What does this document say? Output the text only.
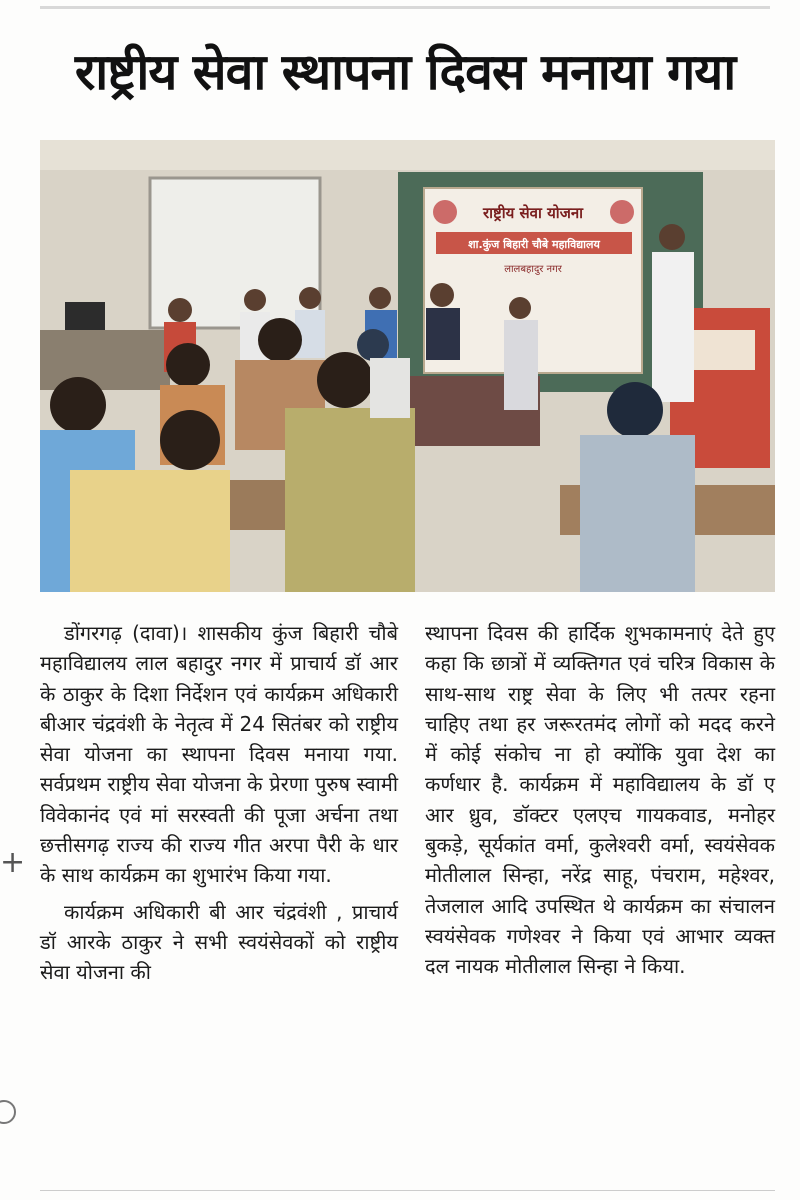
राष्ट्रीय सेवा स्थापना दिवस मनाया गया
राष्ट्रीय सेवा योजना
शा.कुंज बिहारी चौबे महाविद्यालय
लालबहादुर नगर

डोंगरगढ़ (दावा)। शासकीय कुंज बिहारी चौबे महाविद्यालय लाल बहादुर नगर में प्राचार्य डॉ आर के ठाकुर के दिशा निर्देशन एवं कार्यक्रम अधिकारी बीआर चंद्रवंशी के नेतृत्व में 24 सितंबर को राष्ट्रीय सेवा योजना का स्थापना दिवस मनाया गया. सर्वप्रथम राष्ट्रीय सेवा योजना के प्रेरणा पुरुष स्वामी विवेकानंद एवं मां सरस्वती की पूजा अर्चना तथा छत्तीसगढ़ राज्य की राज्य गीत अरपा पैरी के धार के साथ कार्यक्रम का शुभारंभ किया गया.

कार्यक्रम अधिकारी बी आर चंद्रवंशी , प्राचार्य डॉ आरके ठाकुर ने सभी स्वयंसेवकों को राष्ट्रीय सेवा योजना की

स्थापना दिवस की हार्दिक शुभकामनाएं देते हुए कहा कि छात्रों में व्यक्तिगत एवं चरित्र विकास के साथ-साथ राष्ट्र सेवा के लिए भी तत्पर रहना चाहिए तथा हर जरूरतमंद लोगों को मदद करने में कोई संकोच ना हो क्योंकि युवा देश का कर्णधार है. कार्यक्रम में महाविद्यालय के डॉ ए आर ध्रुव, डॉक्टर एलएच गायकवाड, मनोहर बुकड़े, सूर्यकांत वर्मा, कुलेश्वरी वर्मा, स्वयंसेवक मोतीलाल सिन्हा, नरेंद्र साहू, पंचराम, महेश्वर, तेजलाल आदि उपस्थित थे कार्यक्रम का संचालन स्वयंसेवक गणेश्वर ने किया एवं आभार व्यक्त दल नायक मोतीलाल सिन्हा ने किया.

+
